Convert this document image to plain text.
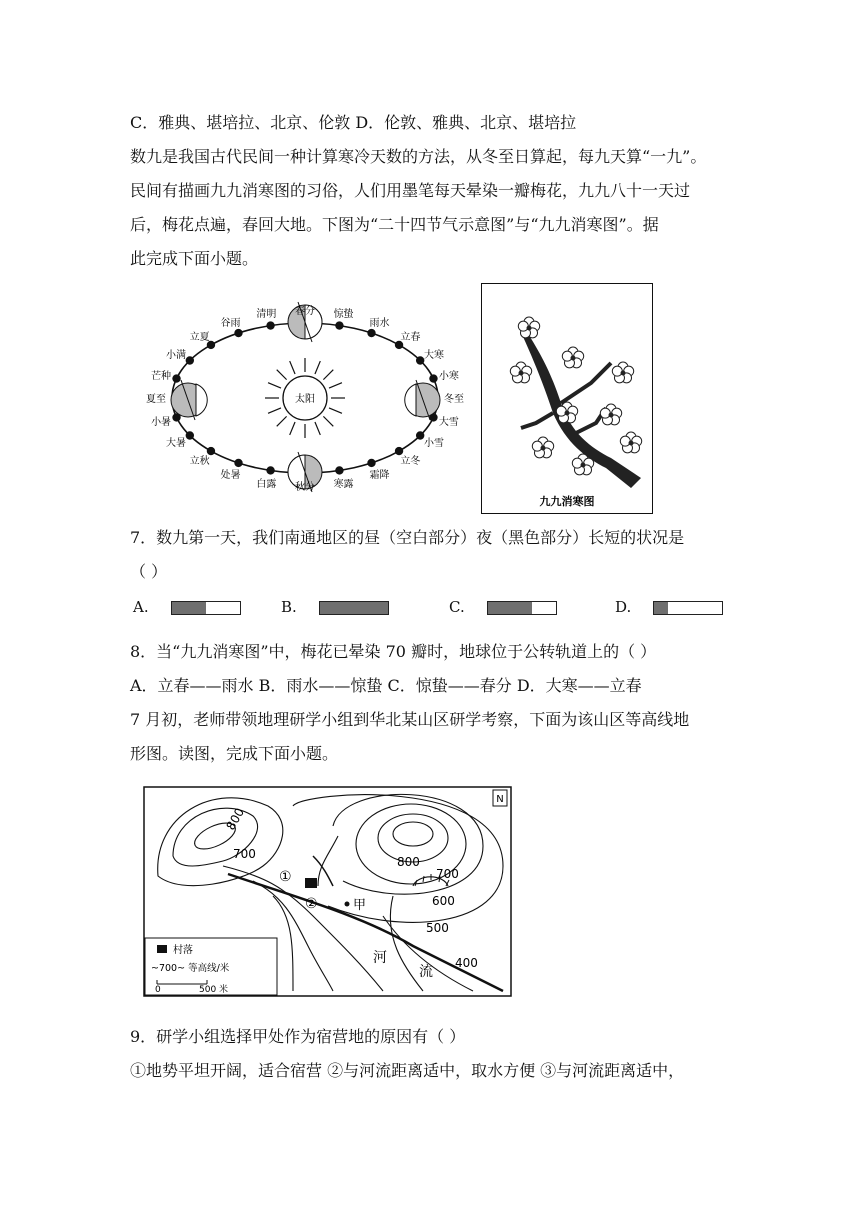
C．雅典、堪培拉、北京、伦敦 D．伦敦、雅典、北京、堪培拉
数九是我国古代民间一种计算寒冷天数的方法，从冬至日算起，每九天算“一九”。
民间有描画九九消寒图的习俗，人们用墨笔每天晕染一瓣梅花，九九八十一天过
后，梅花点遍，春回大地。下图为“二十四节气示意图”与“九九消寒图”。据
此完成下面小题。
太阳
春分 惊蛰
雨水
立春
大寒
小寒
冬至
大雪
小雪
立冬
霜降
寒露
秋分
白露
处暑
立秋
大暑
小暑
夏至
芒种
小满
立夏
谷雨
清明
九九消寒图
7．数九第一天，我们南通地区的昼（空白部分）夜（黑色部分）长短的状况是
（ ）
A.	B.	C.	D.
8．当“九九消寒图”中，梅花已晕染 70 瓣时，地球位于公转轨道上的（ ）
A．立春——雨水 B．雨水——惊蛰 C．惊蛰——春分 D．大寒——立春
7 月初，老师带领地理研学小组到华北某山区研学考察，下面为该山区等高线地
形图。读图，完成下面小题。
N
800
700
800
700
600
500
400
①
②	甲
河
流
村落
~700~ 等高线/米
0	500 米
9．研学小组选择甲处作为宿营地的原因有（ ）
①地势平坦开阔，适合宿营 ②与河流距离适中，取水方便 ③与河流距离适中，
